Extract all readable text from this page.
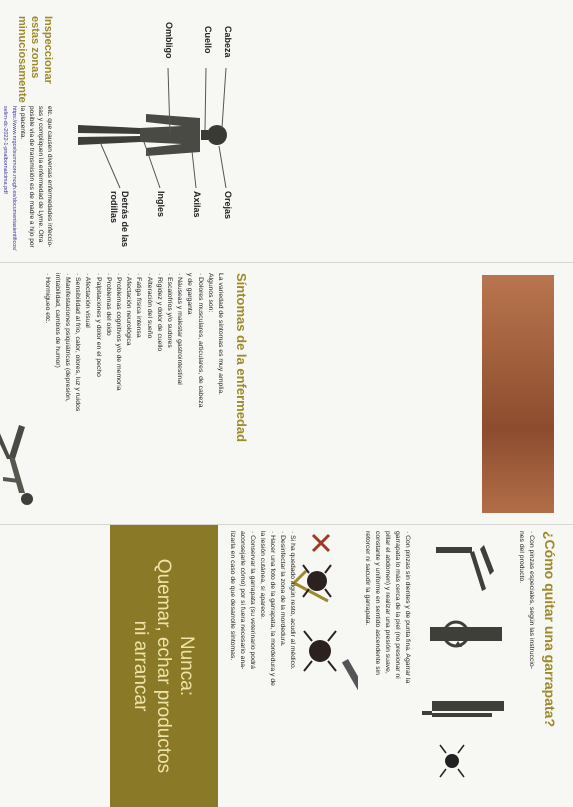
Cabeza
Cuello
Ombligo
Orejas
Axilas
Ingles
Detrás de las rodillas
Inspeccionar estas zonas minuciosamente

etc. que causen diversas enfermedades infeccio-

sas y compliquen la enfermedad de Lyme. Otra

posible vía de transmisión es de madre a hijo por

la placenta.

https://www.nrgcelsummore.mogh.es/documentasientificos/

selim-dc-2022-1-pnalbornalcima.pdf

Síntomas de la enfermedad

La variedad de síntomas es muy amplia.

Algunos son:

· Dolores musculares, articulares, de cabeza

y de garganta

· Náuseas y malestar gastrointestinal

· Escalofríos y/o sudores

· Rigidez y dolor de cuello

· Alteración del sueño

· Fatiga física intensa

· Afectación neurológica

· Problemas cognitivos y/o de memoria

· Problemas del oído

· Palpitaciones y dolor en el pecho

· Afectación visual

· Sensibilidad al frío, calor, olores, luz y ruidos

· Manifestaciones psiquiátricas (depresión,

irritabilidad, cambios de humor)

· Hormigueo etc.

Nunca:
Quemar, echar productos
ni arrancar	¿Cómo quitar una garrapata?

· Con pinzas especiales, según las instruccio-

nes del producto.

· Con pinzas sin dientes y de punta fina. Agarrar la

garrapata lo más cerca de la piel (no presionar ni

pillar el abdomen) y realizar una presión suave,

constante y uniforme en sentido ascendente sin

retorcer ni sacudir la garrapata.

· Si ha quedado algún resto, acudir al médico.

· Desinfectar la zona de la mordedura.

· Hacer una foto de la garrapata, la mordedura y de

la lesión cutánea, si aparece.

· Conservar la garrapata (su veterinario podrá

aconsejarle cómo) por si fuera necesario ana-

lizarla en caso de que desarrolle síntomas.
